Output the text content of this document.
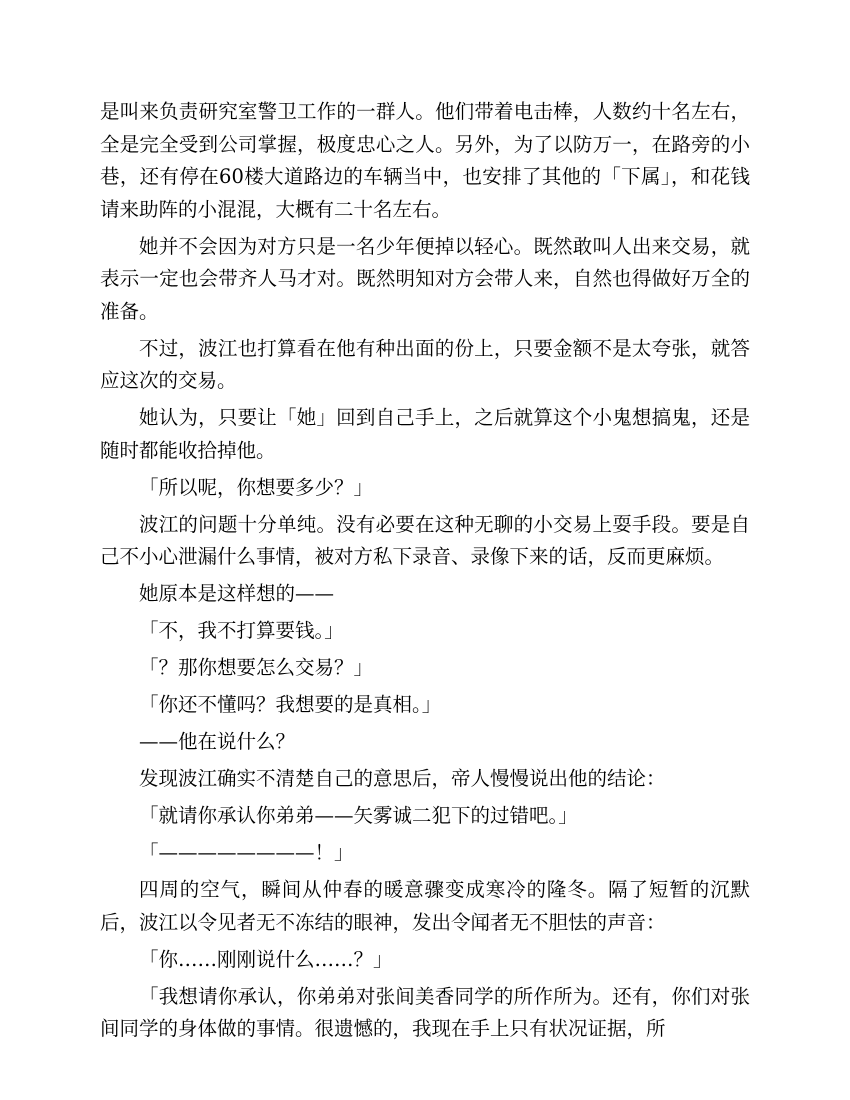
是叫来负责研究室警卫工作的一群人。他们带着电击棒，人数约十名左右，全是完全受到公司掌握，极度忠心之人。另外，为了以防万一，在路旁的小巷，还有停在60楼大道路边的车辆当中，也安排了其他的「下属」，和花钱请来助阵的小混混，大概有二十名左右。

她并不会因为对方只是一名少年便掉以轻心。既然敢叫人出来交易，就表示一定也会带齐人马才对。既然明知对方会带人来，自然也得做好万全的准备。

不过，波江也打算看在他有种出面的份上，只要金额不是太夸张，就答应这次的交易。

她认为，只要让「她」回到自己手上，之后就算这个小鬼想搞鬼，还是随时都能收拾掉他。

「所以呢，你想要多少？」

波江的问题十分单纯。没有必要在这种无聊的小交易上耍手段。要是自己不小心泄漏什么事情，被对方私下录音、录像下来的话，反而更麻烦。

她原本是这样想的——

「不，我不打算要钱。」

「？那你想要怎么交易？」

「你还不懂吗？我想要的是真相。」

——他在说什么？

发现波江确实不清楚自己的意思后，帝人慢慢说出他的结论：

「就请你承认你弟弟——矢雾诚二犯下的过错吧。」

「————————！」

四周的空气，瞬间从仲春的暖意骤变成寒冷的隆冬。隔了短暂的沉默后，波江以令见者无不冻结的眼神，发出令闻者无不胆怯的声音：

「你……刚刚说什么……？」

「我想请你承认，你弟弟对张间美香同学的所作所为。还有，你们对张间同学的身体做的事情。很遗憾的，我现在手上只有状况证据，所
